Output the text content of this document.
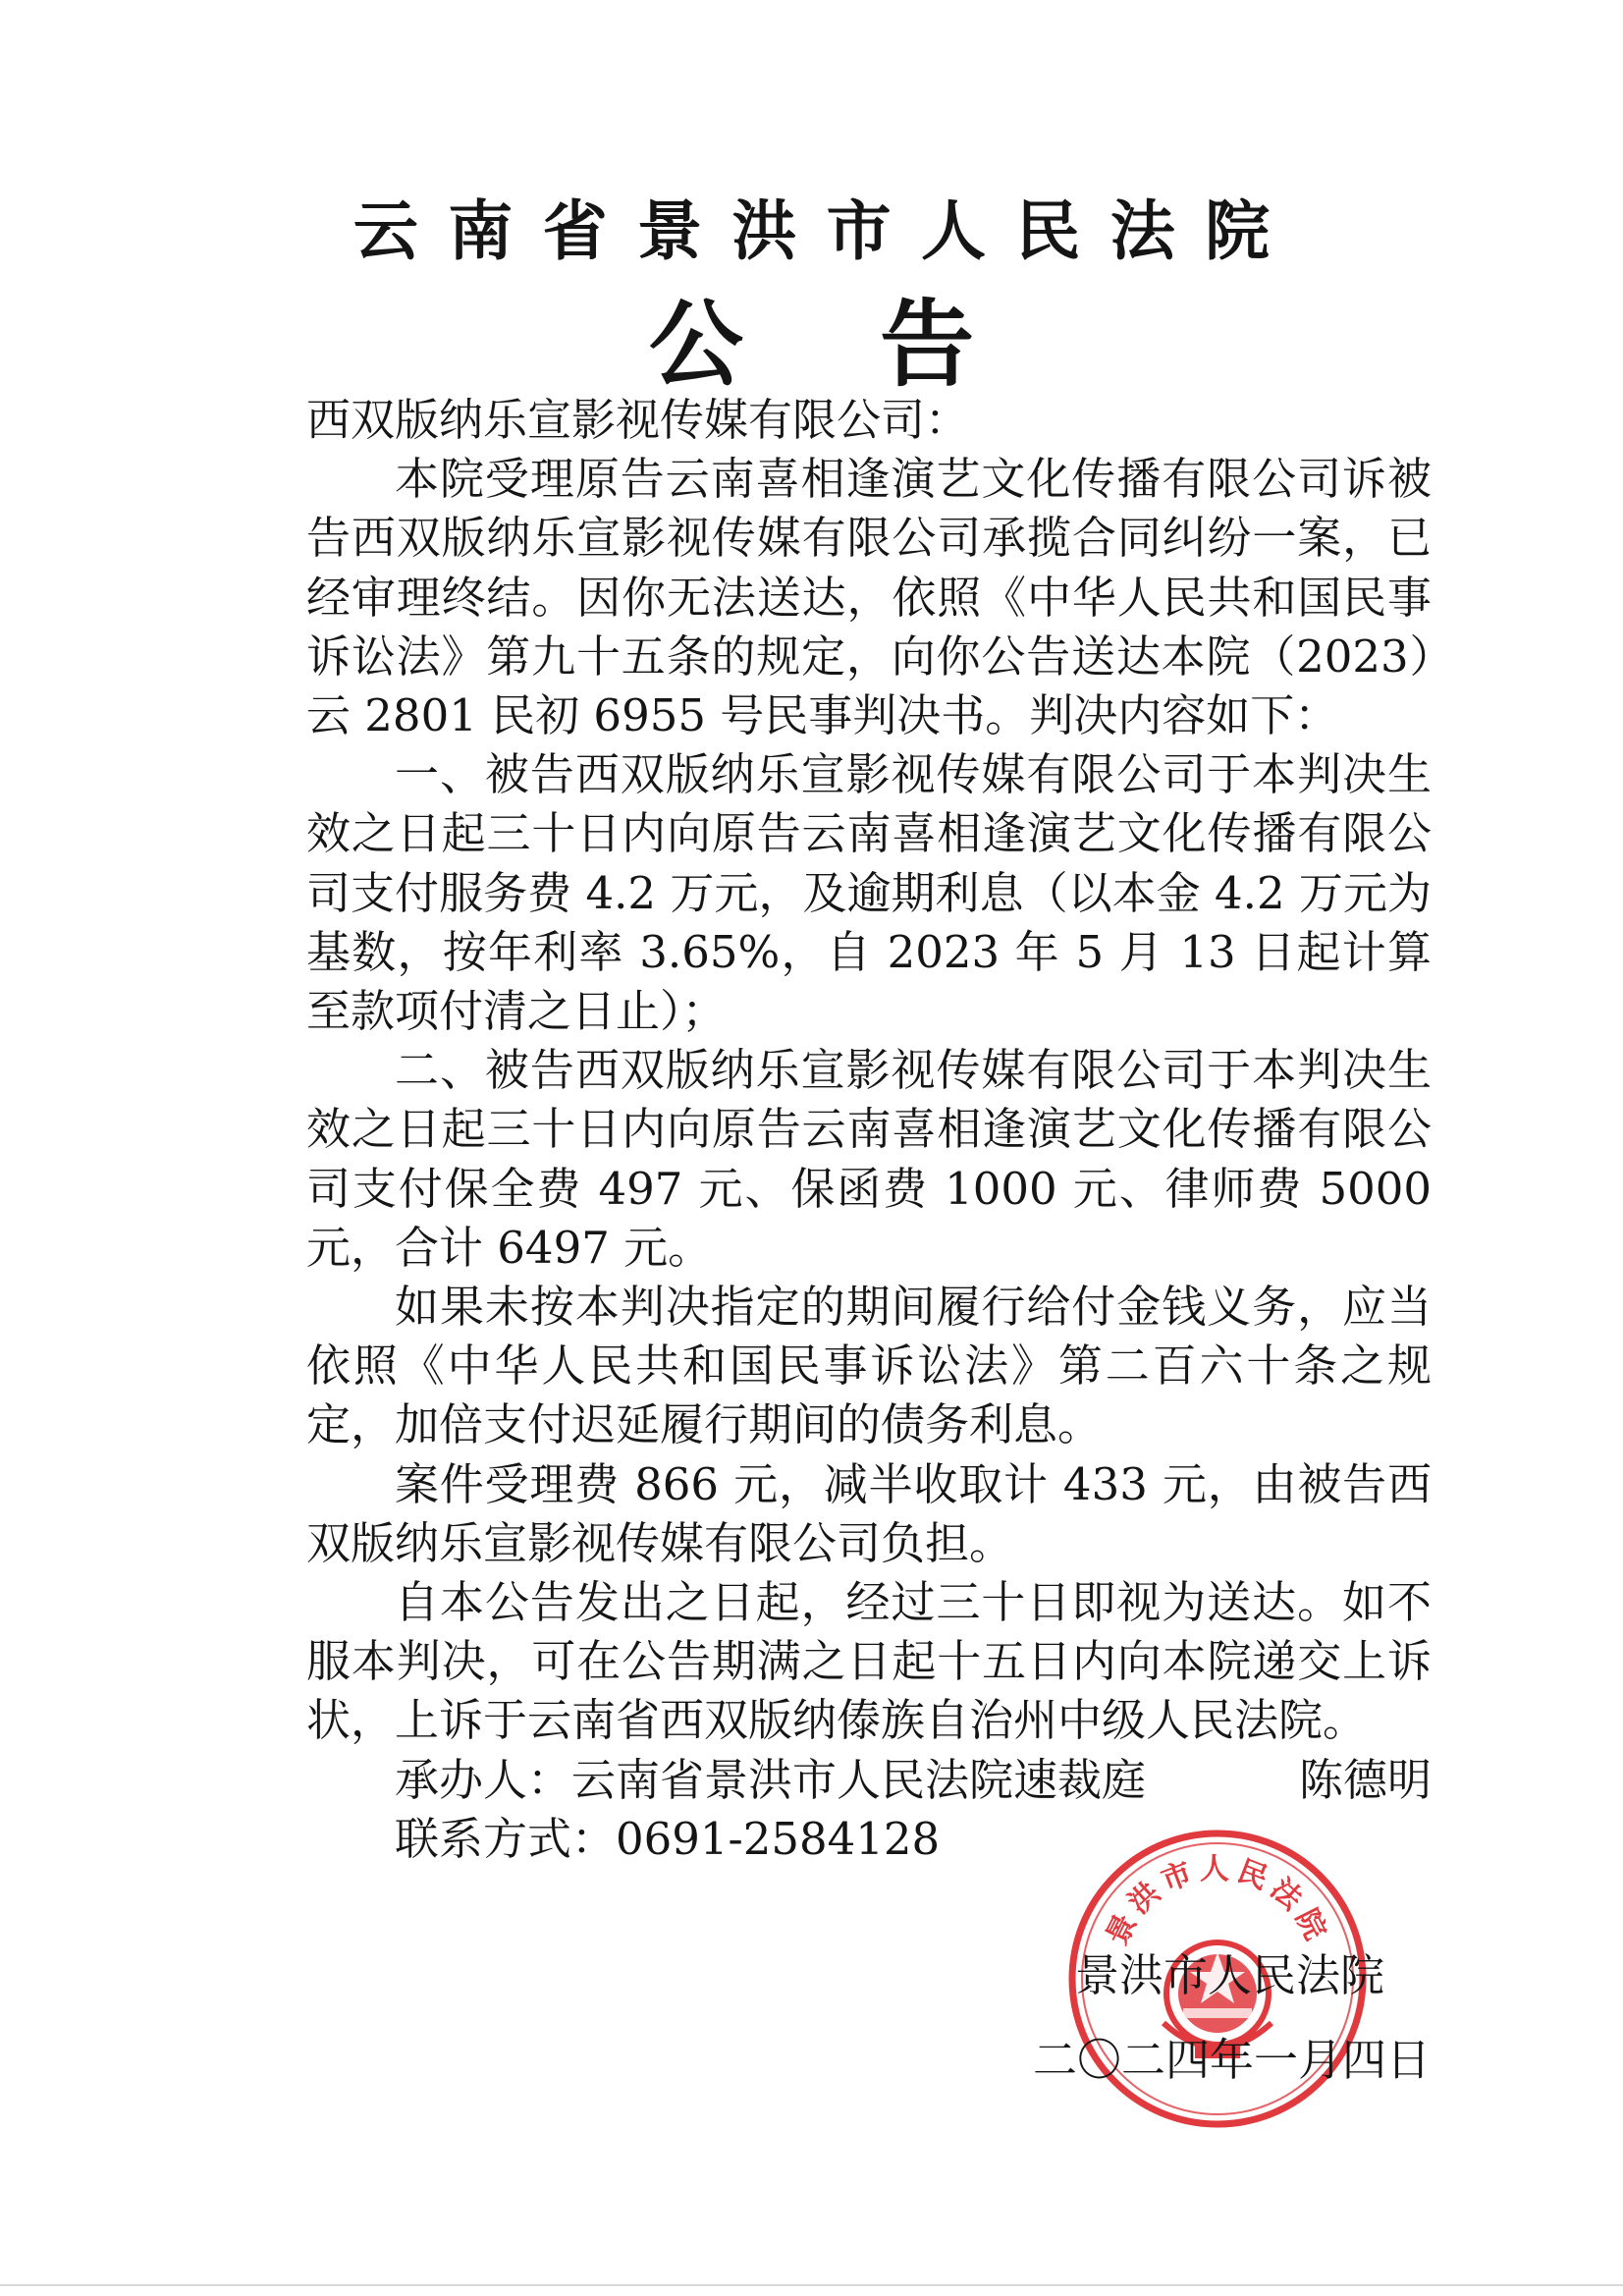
云南省景洪市人民法院
公告

西双版纳乐宣影视传媒有限公司：

本院受理原告云南喜相逢演艺文化传播有限公司诉被告西双版纳乐宣影视传媒有限公司承揽合同纠纷一案，已经审理终结。因你无法送达，依照《中华人民共和国民事诉讼法》第九十五条的规定，向你公告送达本院（2023）云 2801 民初 6955 号民事判决书。判决内容如下：

一、被告西双版纳乐宣影视传媒有限公司于本判决生效之日起三十日内向原告云南喜相逢演艺文化传播有限公司支付服务费 4.2 万元，及逾期利息（以本金 4.2 万元为基数，按年利率 3.65%，自 2023 年 5 月 13 日起计算至款项付清之日止）；

二、被告西双版纳乐宣影视传媒有限公司于本判决生效之日起三十日内向原告云南喜相逢演艺文化传播有限公司支付保全费 497 元、保函费 1000 元、律师费 5000 元，合计 6497 元。

如果未按本判决指定的期间履行给付金钱义务，应当依照《中华人民共和国民事诉讼法》第二百六十条之规定，加倍支付迟延履行期间的债务利息。

案件受理费 866 元，减半收取计 433 元，由被告西双版纳乐宣影视传媒有限公司负担。

自本公告发出之日起，经过三十日即视为送达。如不服本判决，可在公告期满之日起十五日内向本院递交上诉状，上诉于云南省西双版纳傣族自治州中级人民法院。

承办人：云南省景洪市人民法院速裁庭	陈德明

联系方式：0691-2584128

景洪市人民法院
景洪市人民法院
二〇二四年一月四日
